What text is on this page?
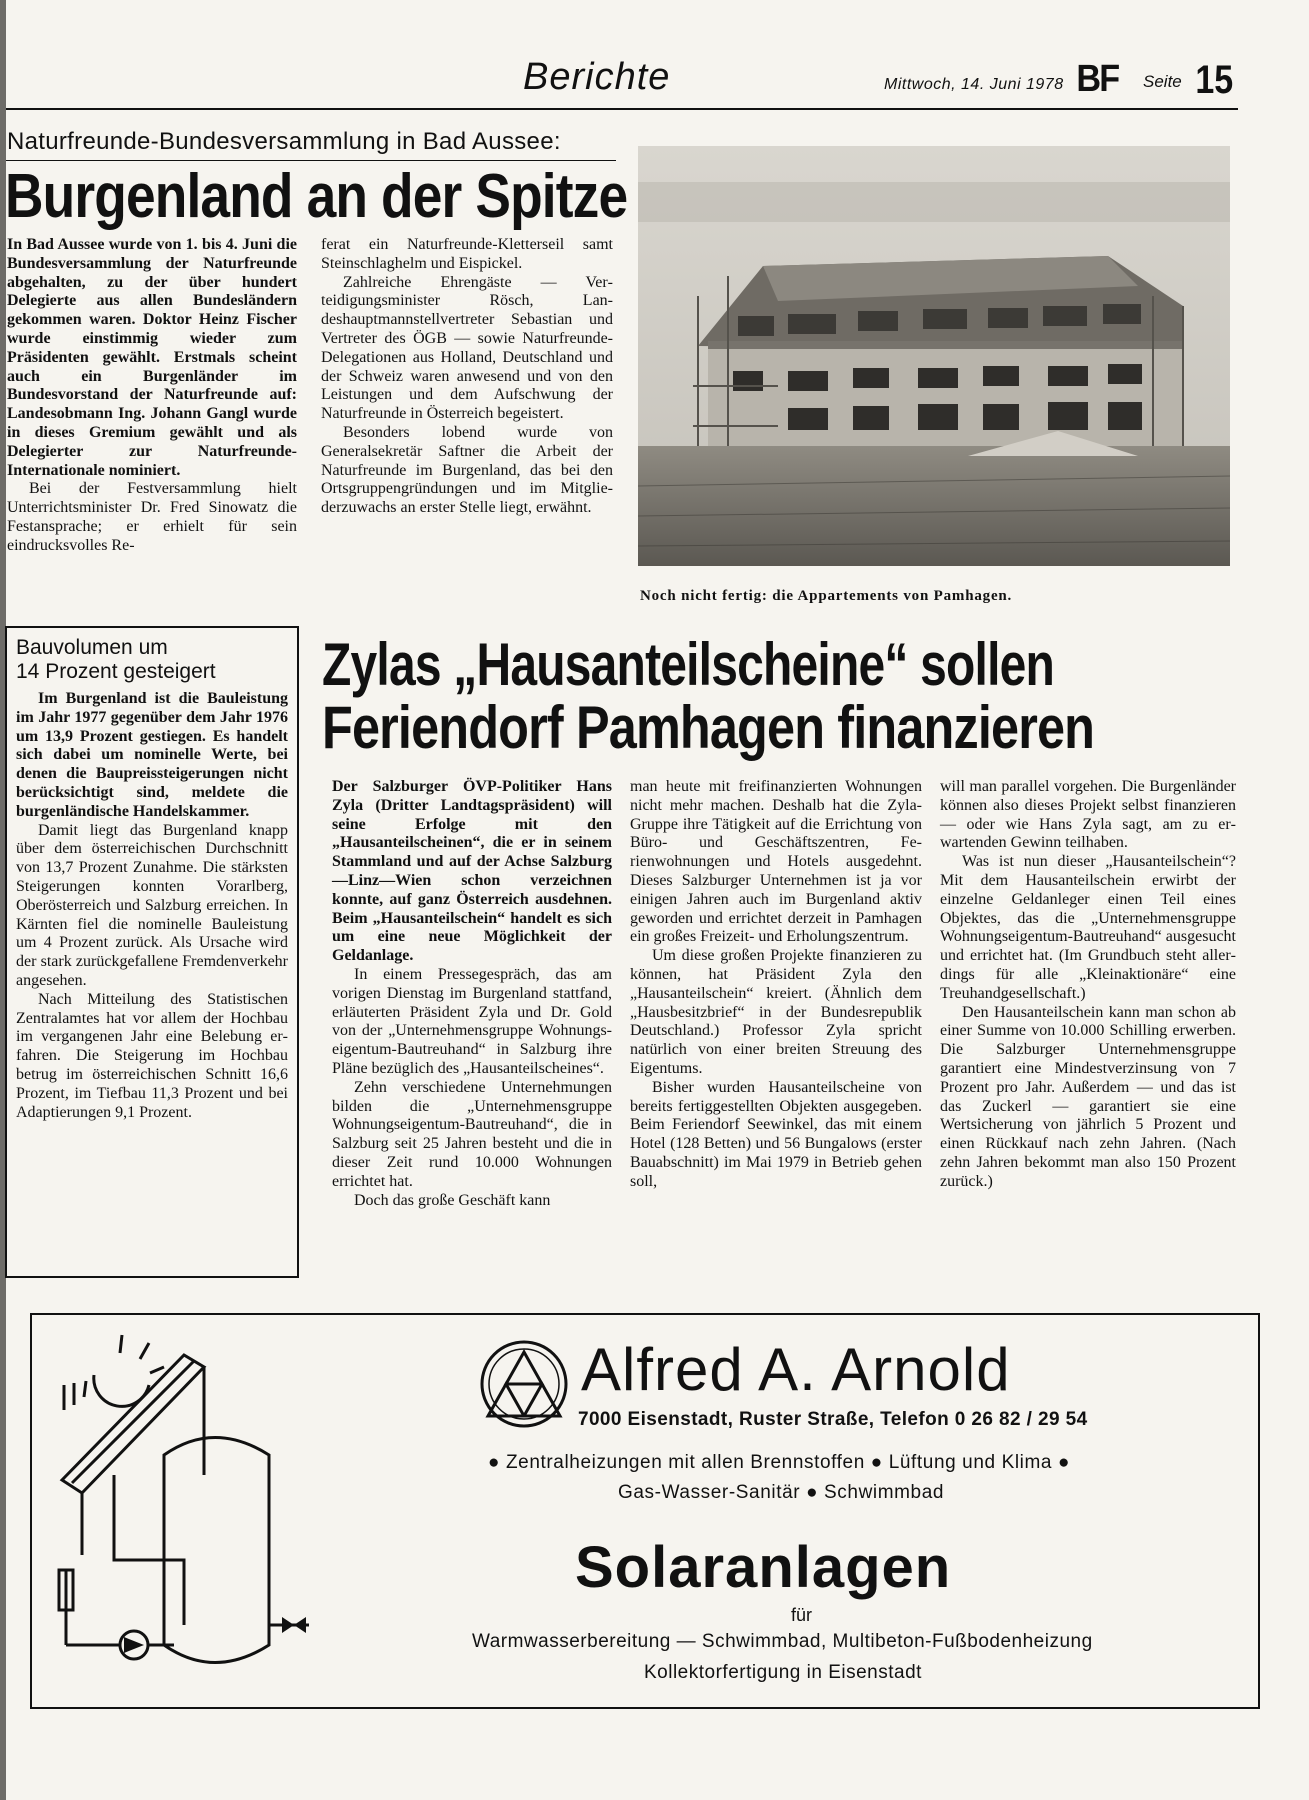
Berichte	Mittwoch, 14. Juni 1978 BF Seite 15
Naturfreunde-Bundesversammlung in Bad Aussee:
Burgenland an der Spitze

In Bad Aussee wurde von 1. bis 4. Juni die Bundesversammlung der Naturfreunde abgehalten, zu der über hundert Delegierte aus allen Bundesländern gekommen waren. Doktor Heinz Fischer wurde einstimmig wieder zum Präsidenten gewählt. Erstmals scheint auch ein Burgenländer im Bundesvorstand der Naturfreunde auf: Landesobmann Ing. Johann Gangl wurde in dieses Gremium gewählt und als Delegierter zur Naturfreunde-Internationale nominiert.

Bei der Festversammlung hielt Unterrichtsminister Dr. Fred Sinowatz die Festansprache; er erhielt für sein eindrucksvolles Re-

ferat ein Naturfreunde-Kletterseil samt Steinschlaghelm und Eispickel.

Zahlreiche Ehrengäste — Verteidigungsminister Rösch, Landeshauptmannstellvertreter Sebastian und Vertreter des ÖGB — sowie Naturfreunde-Delegationen aus Holland, Deutschland und der Schweiz waren anwesend und von den Leistungen und dem Aufschwung der Naturfreunde in Österreich begeistert.

Besonders lobend wurde von Generalsekretär Saftner die Arbeit der Naturfreunde im Burgenland, das bei den Ortsgruppengründungen und im Mitgliederzuwachs an erster Stelle liegt, erwähnt.

Noch nicht fertig: die Appartements von Pamhagen.
Bauvolumen um
14 Prozent gesteigert

Im Burgenland ist die Bauleistung im Jahr 1977 gegenüber dem Jahr 1976 um 13,9 Prozent gestiegen. Es handelt sich dabei um nominelle Werte, bei denen die Baupreissteigerungen nicht berücksichtigt sind, meldete die burgenländische Handelskammer.

Damit liegt das Burgenland knapp über dem österreichischen Durchschnitt von 13,7 Prozent Zunahme. Die stärksten Steigerungen konnten Vorarlberg, Oberösterreich und Salzburg erreichen. In Kärnten fiel die nominelle Bauleistung um 4 Prozent zurück. Als Ursache wird der stark zurückgefallene Fremdenverkehr angesehen.

Nach Mitteilung des Statistischen Zentralamtes hat vor allem der Hochbau im vergangenen Jahr eine Belebung erfahren. Die Steigerung im Hochbau betrug im österreichischen Schnitt 16,6 Prozent, im Tiefbau 11,3 Prozent und bei Adaptierungen 9,1 Prozent.

Zylas „Hausanteilscheine“ sollen
Feriendorf Pamhagen finanzieren

Der Salzburger ÖVP-Politiker Hans Zyla (Dritter Landtagspräsident) will seine Erfolge mit den „Hausanteilscheinen“, die er in seinem Stammland und auf der Achse Salzburg—Linz—Wien schon verzeichnen konnte, auf ganz Österreich ausdehnen. Beim „Hausanteilschein“ handelt es sich um eine neue Möglichkeit der Geldanlage.

In einem Pressegespräch, das am vorigen Dienstag im Burgenland stattfand, erläuterten Präsident Zyla und Dr. Gold von der „Unternehmensgruppe Wohnungseigentum-Bautreuhand“ in Salzburg ihre Pläne bezüglich des „Hausanteilscheines“.

Zehn verschiedene Unternehmungen bilden die „Unternehmensgruppe Wohnungseigentum-Bautreuhand“, die in Salzburg seit 25 Jahren besteht und die in dieser Zeit rund 10.000 Wohnungen errichtet hat.

Doch das große Geschäft kann

man heute mit freifinanzierten Wohnungen nicht mehr machen. Deshalb hat die Zyla-Gruppe ihre Tätigkeit auf die Errichtung von Büro- und Geschäftszentren, Ferienwohnungen und Hotels ausgedehnt. Dieses Salzburger Unternehmen ist ja vor einigen Jahren auch im Burgenland aktiv geworden und errichtet derzeit in Pamhagen ein großes Freizeit- und Erholungszentrum.

Um diese großen Projekte finanzieren zu können, hat Präsident Zyla den „Hausanteilschein“ kreiert. (Ähnlich dem „Hausbesitzbrief“ in der Bundesrepublik Deutschland.) Professor Zyla spricht natürlich von einer breiten Streuung des Eigentums.

Bisher wurden Hausanteilscheine von bereits fertiggestellten Objekten ausgegeben. Beim Feriendorf Seewinkel, das mit einem Hotel (128 Betten) und 56 Bungalows (erster Bauabschnitt) im Mai 1979 in Betrieb gehen soll,

will man parallel vorgehen. Die Burgenländer können also dieses Projekt selbst finanzieren — oder wie Hans Zyla sagt, am zu erwartenden Gewinn teilhaben.

Was ist nun dieser „Hausanteilschein“? Mit dem Hausanteilschein erwirbt der einzelne Geldanleger einen Teil eines Objektes, das die „Unternehmensgruppe Wohnungseigentum-Bautreuhand“ ausgesucht und errichtet hat. (Im Grundbuch steht allerdings für alle „Kleinaktionäre“ eine Treuhandgesellschaft.)

Den Hausanteilschein kann man schon ab einer Summe von 10.000 Schilling erwerben. Die Salzburger Unternehmensgruppe garantiert eine Mindestverzinsung von 7 Prozent pro Jahr. Außerdem — und das ist das Zuckerl — garantiert sie eine Wertsicherung von jährlich 5 Prozent und einen Rückkauf nach zehn Jahren. (Nach zehn Jahren bekommt man also 150 Prozent zurück.)

Alfred A. Arnold
7000 Eisenstadt, Ruster Straße, Telefon 0 26 82 / 29 54
● Zentralheizungen mit allen Brennstoffen ● Lüftung und Klima ●
Gas-Wasser-Sanitär ● Schwimmbad
Solaranlagen
für
Warmwasserbereitung — Schwimmbad, Multibeton-Fußbodenheizung
Kollektorfertigung in Eisenstadt
